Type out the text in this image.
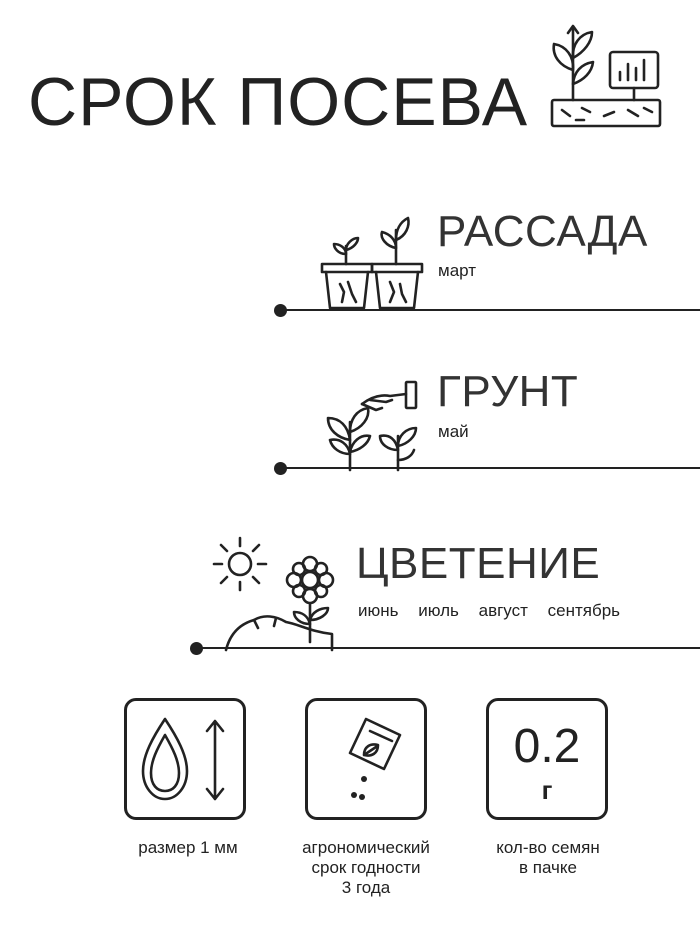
СРОК ПОСЕВА
РАССАДА
март
ГРУНТ
май
ЦВЕТЕНИЕ
июнь июль август сентябрь
размер 1 мм	агрономический
срок годности
3 года
0.2
г
кол-во семян
в пачке
